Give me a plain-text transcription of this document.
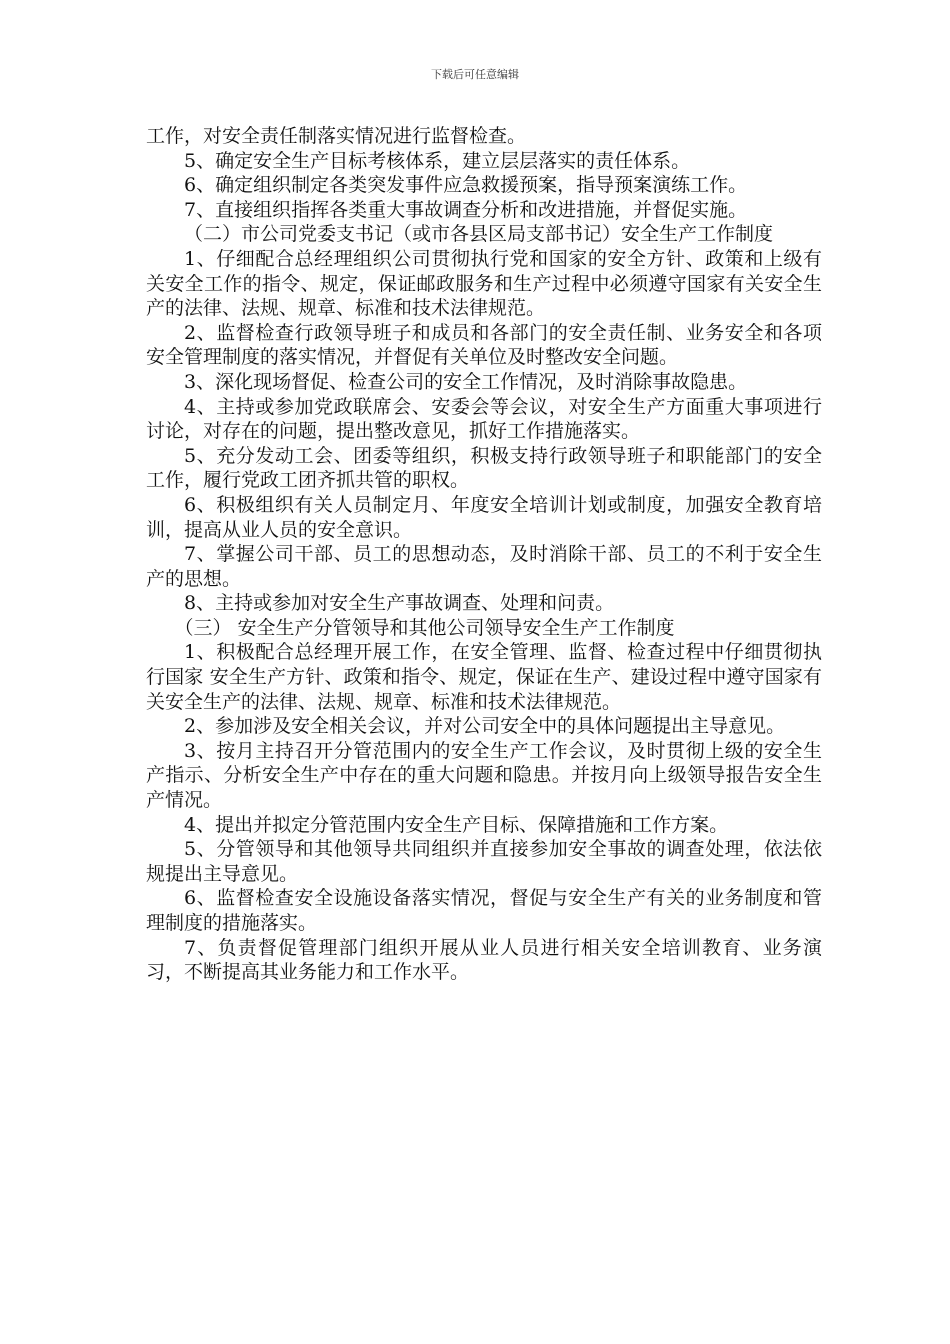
下载后可任意编辑

工作，对安全责任制落实情况进行监督检查。

5、确定安全生产目标考核体系，建立层层落实的责任体系。

6、确定组织制定各类突发事件应急救援预案，指导预案演练工作。

7、直接组织指挥各类重大事故调查分析和改进措施，并督促实施。

（二）市公司党委支书记（或市各县区局支部书记）安全生产工作制度

1、仔细配合总经理组织公司贯彻执行党和国家的安全方针、政策和上级有关安全工作的指令、规定，保证邮政服务和生产过程中必须遵守国家有关安全生产的法律、法规、规章、标准和技术法律规范。

2、监督检查行政领导班子和成员和各部门的安全责任制、业务安全和各项安全管理制度的落实情况，并督促有关单位及时整改安全问题。

3、深化现场督促、检查公司的安全工作情况，及时消除事故隐患。

4、主持或参加党政联席会、安委会等会议，对安全生产方面重大事项进行讨论，对存在的问题，提出整改意见，抓好工作措施落实。

5、充分发动工会、团委等组织，积极支持行政领导班子和职能部门的安全工作，履行党政工团齐抓共管的职权。

6、积极组织有关人员制定月、年度安全培训计划或制度，加强安全教育培训，提高从业人员的安全意识。

7、掌握公司干部、员工的思想动态，及时消除干部、员工的不利于安全生产的思想。

8、主持或参加对安全生产事故调查、处理和问责。

（三） 安全生产分管领导和其他公司领导安全生产工作制度

1、积极配合总经理开展工作，在安全管理、监督、检查过程中仔细贯彻执行国家 安全生产方针、政策和指令、规定，保证在生产、建设过程中遵守国家有关安全生产的法律、法规、规章、标准和技术法律规范。

2、参加涉及安全相关会议，并对公司安全中的具体问题提出主导意见。

3、按月主持召开分管范围内的安全生产工作会议，及时贯彻上级的安全生产指示、分析安全生产中存在的重大问题和隐患。并按月向上级领导报告安全生产情况。

4、提出并拟定分管范围内安全生产目标、保障措施和工作方案。

5、分管领导和其他领导共同组织并直接参加安全事故的调查处理，依法依规提出主导意见。

6、监督检查安全设施设备落实情况，督促与安全生产有关的业务制度和管理制度的措施落实。

7、负责督促管理部门组织开展从业人员进行相关安全培训教育、业务演习，不断提高其业务能力和工作水平。
